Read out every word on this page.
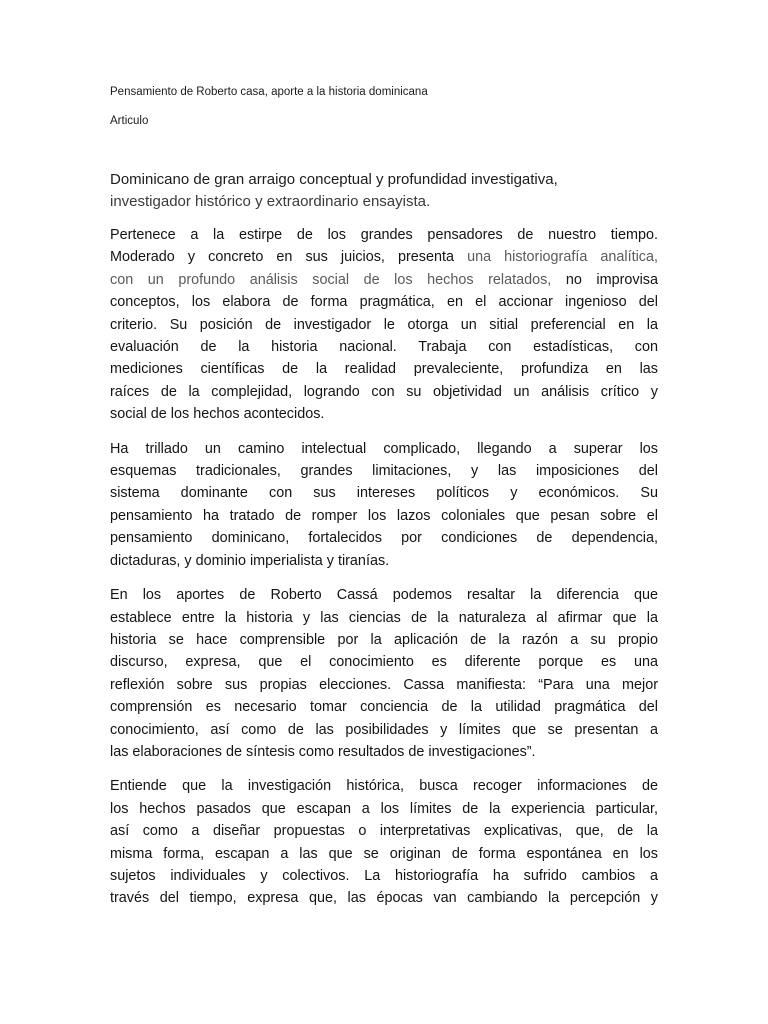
Pensamiento de Roberto casa, aporte a la historia dominicana
Articulo
Dominicano de gran arraigo conceptual y profundidad investigativa,
investigador histórico y extraordinario ensayista.

Pertenece a la estirpe de los grandes pensadores de nuestro tiempo.
Moderado y concreto en sus juicios, presenta una historiografía analítica,
con un profundo análisis social de los hechos relatados, no improvisa
conceptos, los elabora de forma pragmática, en el accionar ingenioso del
criterio. Su posición de investigador le otorga un sitial preferencial en la
evaluación de la historia nacional. Trabaja con estadísticas, con
mediciones científicas de la realidad prevaleciente, profundiza en las
raíces de la complejidad, logrando con su objetividad un análisis crítico y
social de los hechos acontecidos.

Ha trillado un camino intelectual complicado, llegando a superar los
esquemas tradicionales, grandes limitaciones, y las imposiciones del
sistema dominante con sus intereses políticos y económicos. Su
pensamiento ha tratado de romper los lazos coloniales que pesan sobre el
pensamiento dominicano, fortalecidos por condiciones de dependencia,
dictaduras, y dominio imperialista y tiranías.

En los aportes de Roberto Cassá podemos resaltar la diferencia que
establece entre la historia y las ciencias de la naturaleza al afirmar que la
historia se hace comprensible por la aplicación de la razón a su propio
discurso, expresa, que el conocimiento es diferente porque es una
reflexión sobre sus propias elecciones. Cassa manifiesta: “Para una mejor
comprensión es necesario tomar conciencia de la utilidad pragmática del
conocimiento, así como de las posibilidades y límites que se presentan a
las elaboraciones de síntesis como resultados de investigaciones”.

Entiende que la investigación histórica, busca recoger informaciones de
los hechos pasados que escapan a los límites de la experiencia particular,
así como a diseñar propuestas o interpretativas explicativas, que, de la
misma forma, escapan a las que se originan de forma espontánea en los
sujetos individuales y colectivos. La historiografía ha sufrido cambios a
través del tiempo, expresa que, las épocas van cambiando la percepción y
